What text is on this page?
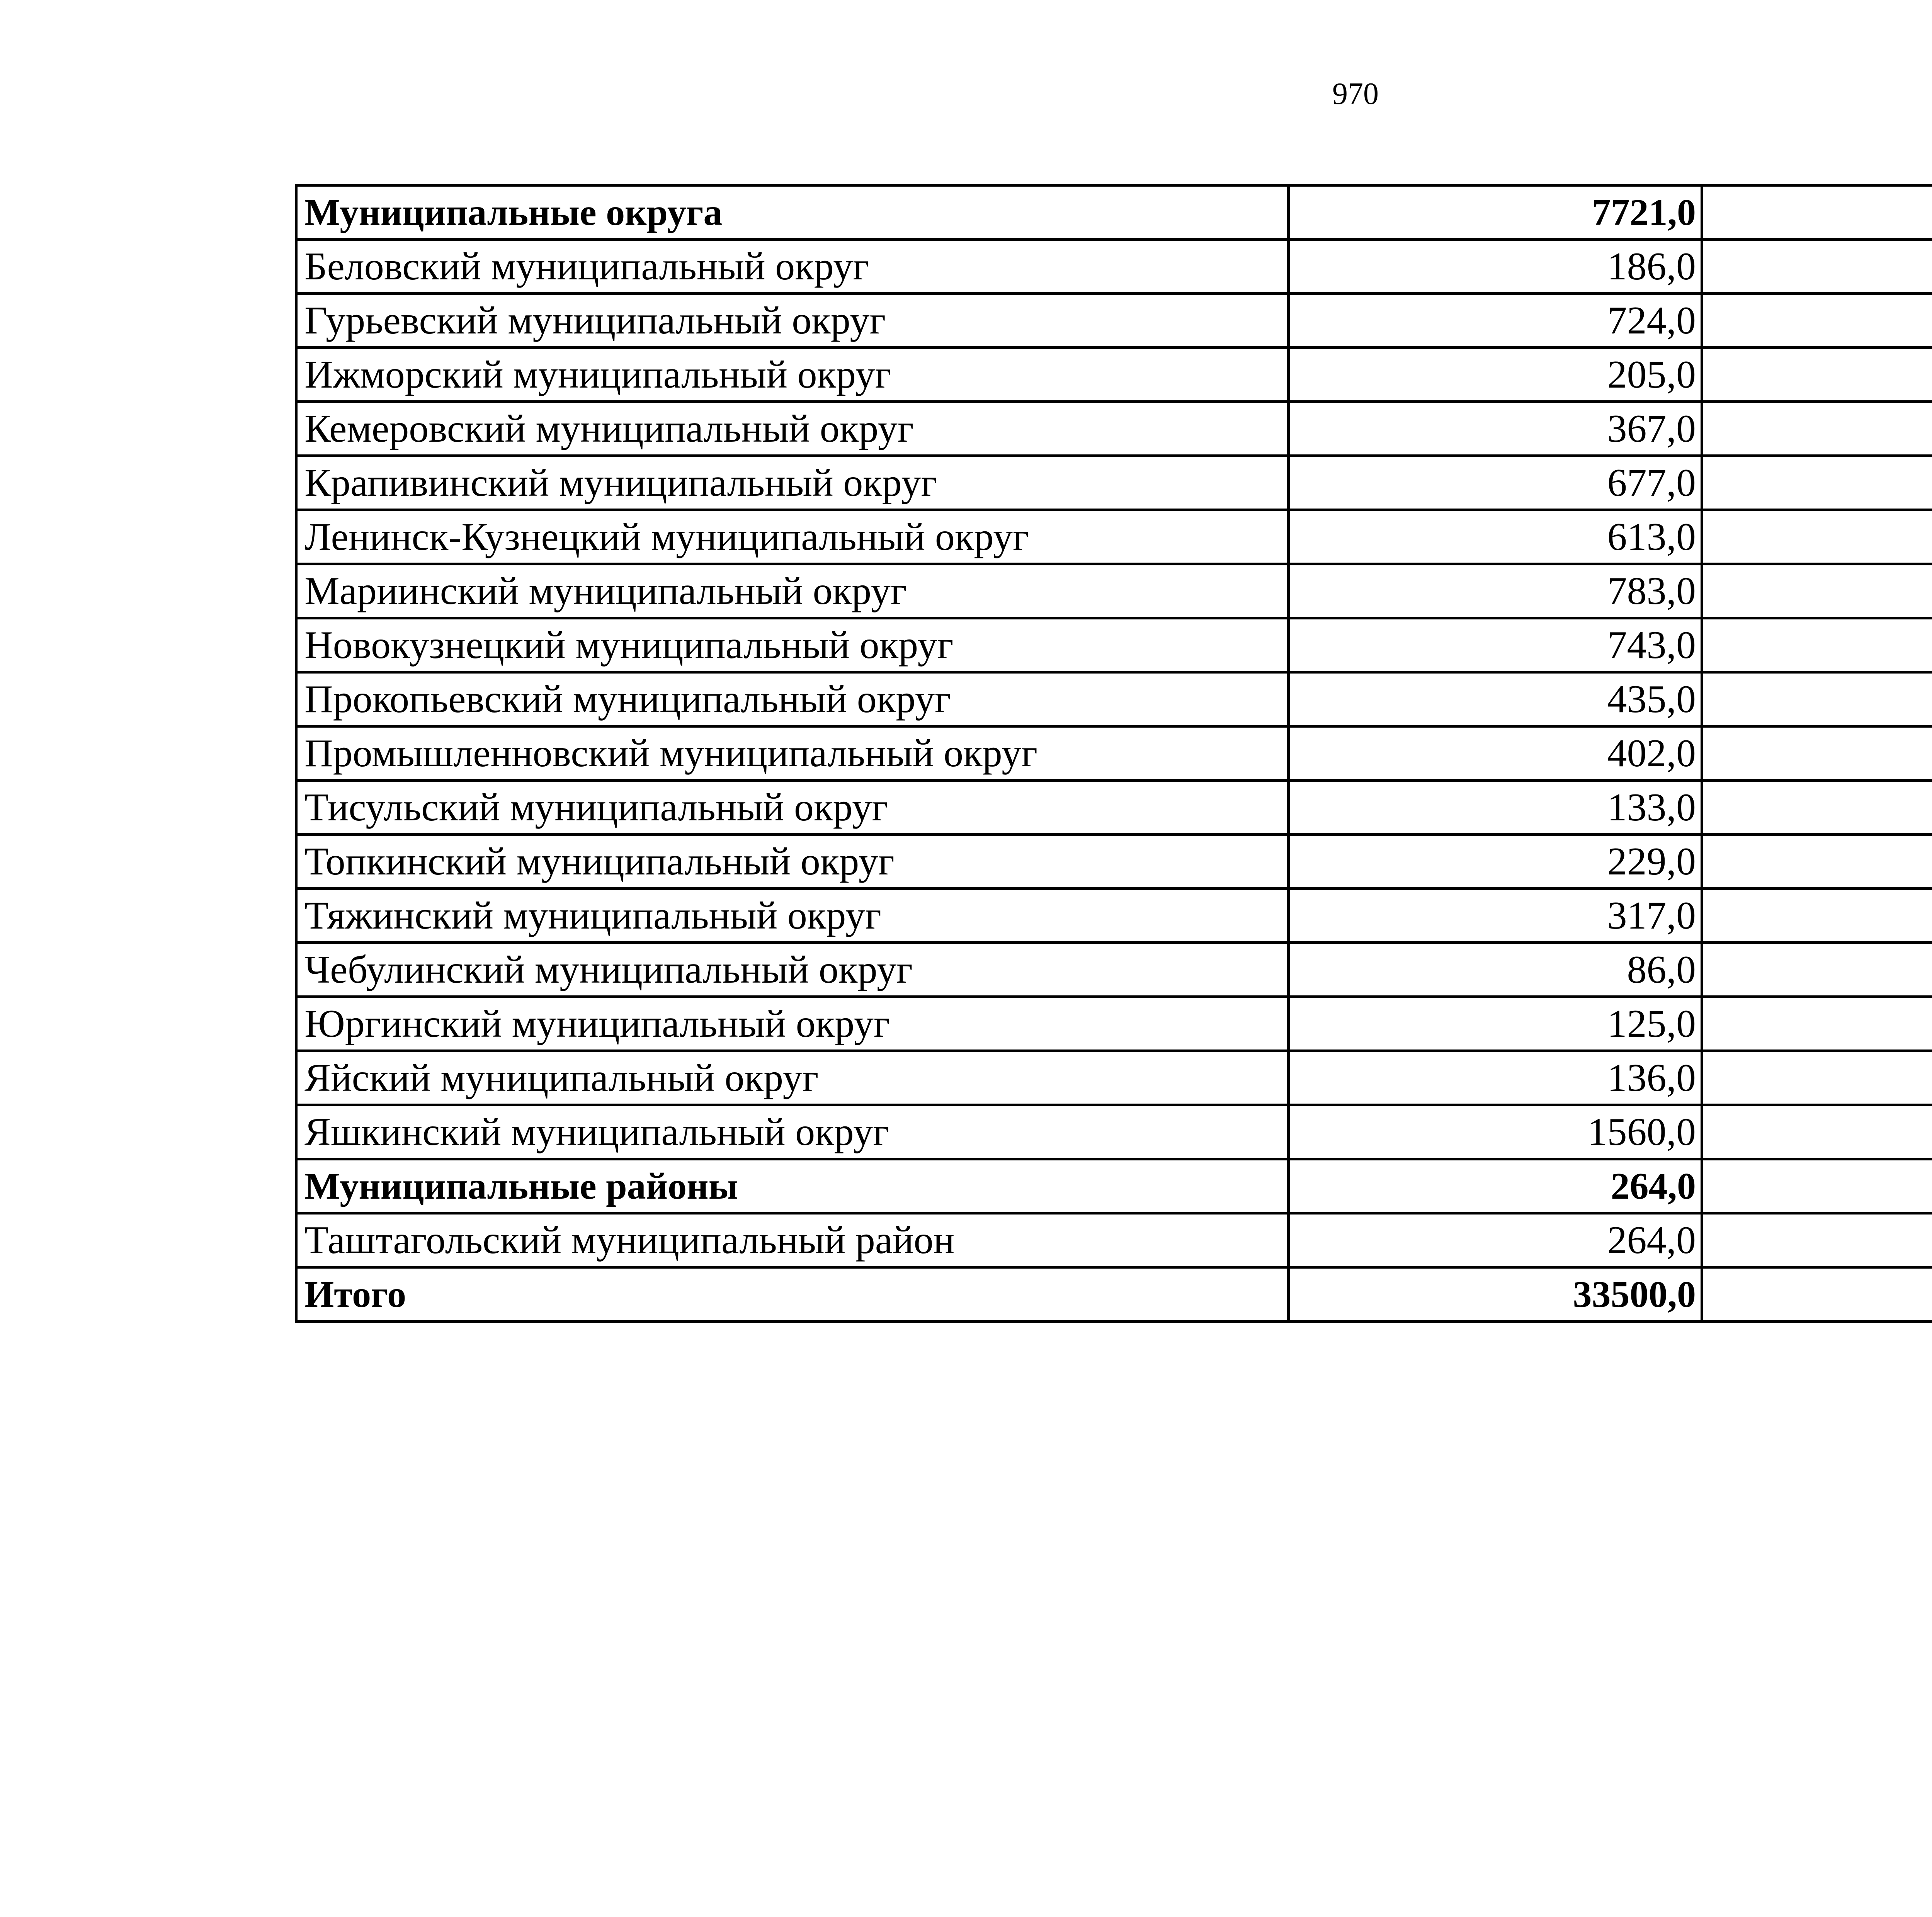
970
Муниципальные округа	7721,0	
Беловский муниципальный округ	186,0	
Гурьевский муниципальный округ	724,0	
Ижморский муниципальный округ	205,0	
Кемеровский муниципальный округ	367,0	
Крапивинский муниципальный округ	677,0	
Ленинск-Кузнецкий муниципальный округ	613,0	
Мариинский муниципальный округ	783,0	
Новокузнецкий муниципальный округ	743,0	
Прокопьевский муниципальный округ	435,0	
Промышленновский муниципальный округ	402,0	
Тисульский муниципальный округ	133,0	
Топкинский муниципальный округ	229,0	
Тяжинский муниципальный округ	317,0	
Чебулинский муниципальный округ	86,0	
Юргинский муниципальный округ	125,0	
Яйский муниципальный округ	136,0	
Яшкинский муниципальный округ	1560,0	
Муниципальные районы	264,0	
Таштагольский муниципальный район	264,0	
Итого	33500,0	
